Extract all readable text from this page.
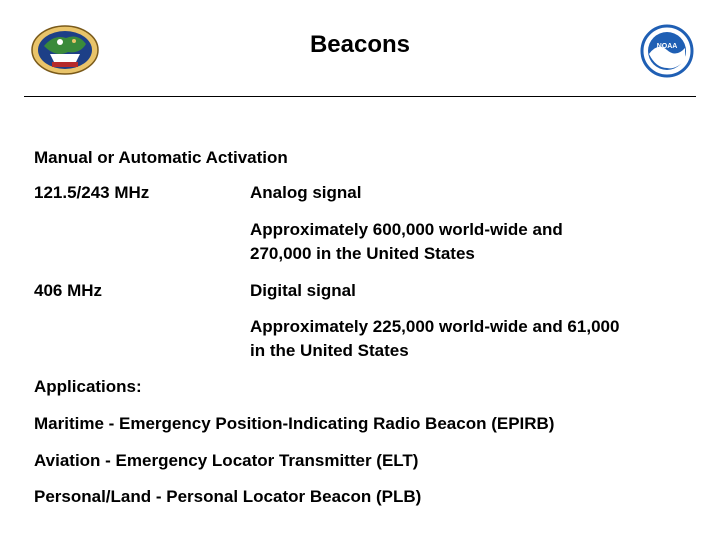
Beacons	NOAA
Manual or Automatic Activation
121.5/243 MHz	Analog signal
Approximately 600,000 world-wide and
270,000 in the United States
406 MHz	Digital signal
Approximately 225,000 world-wide and 61,000
in the United States
Applications:
Maritime - Emergency Position-Indicating Radio Beacon (EPIRB)
Aviation - Emergency Locator Transmitter (ELT)
Personal/Land - Personal Locator Beacon (PLB)
